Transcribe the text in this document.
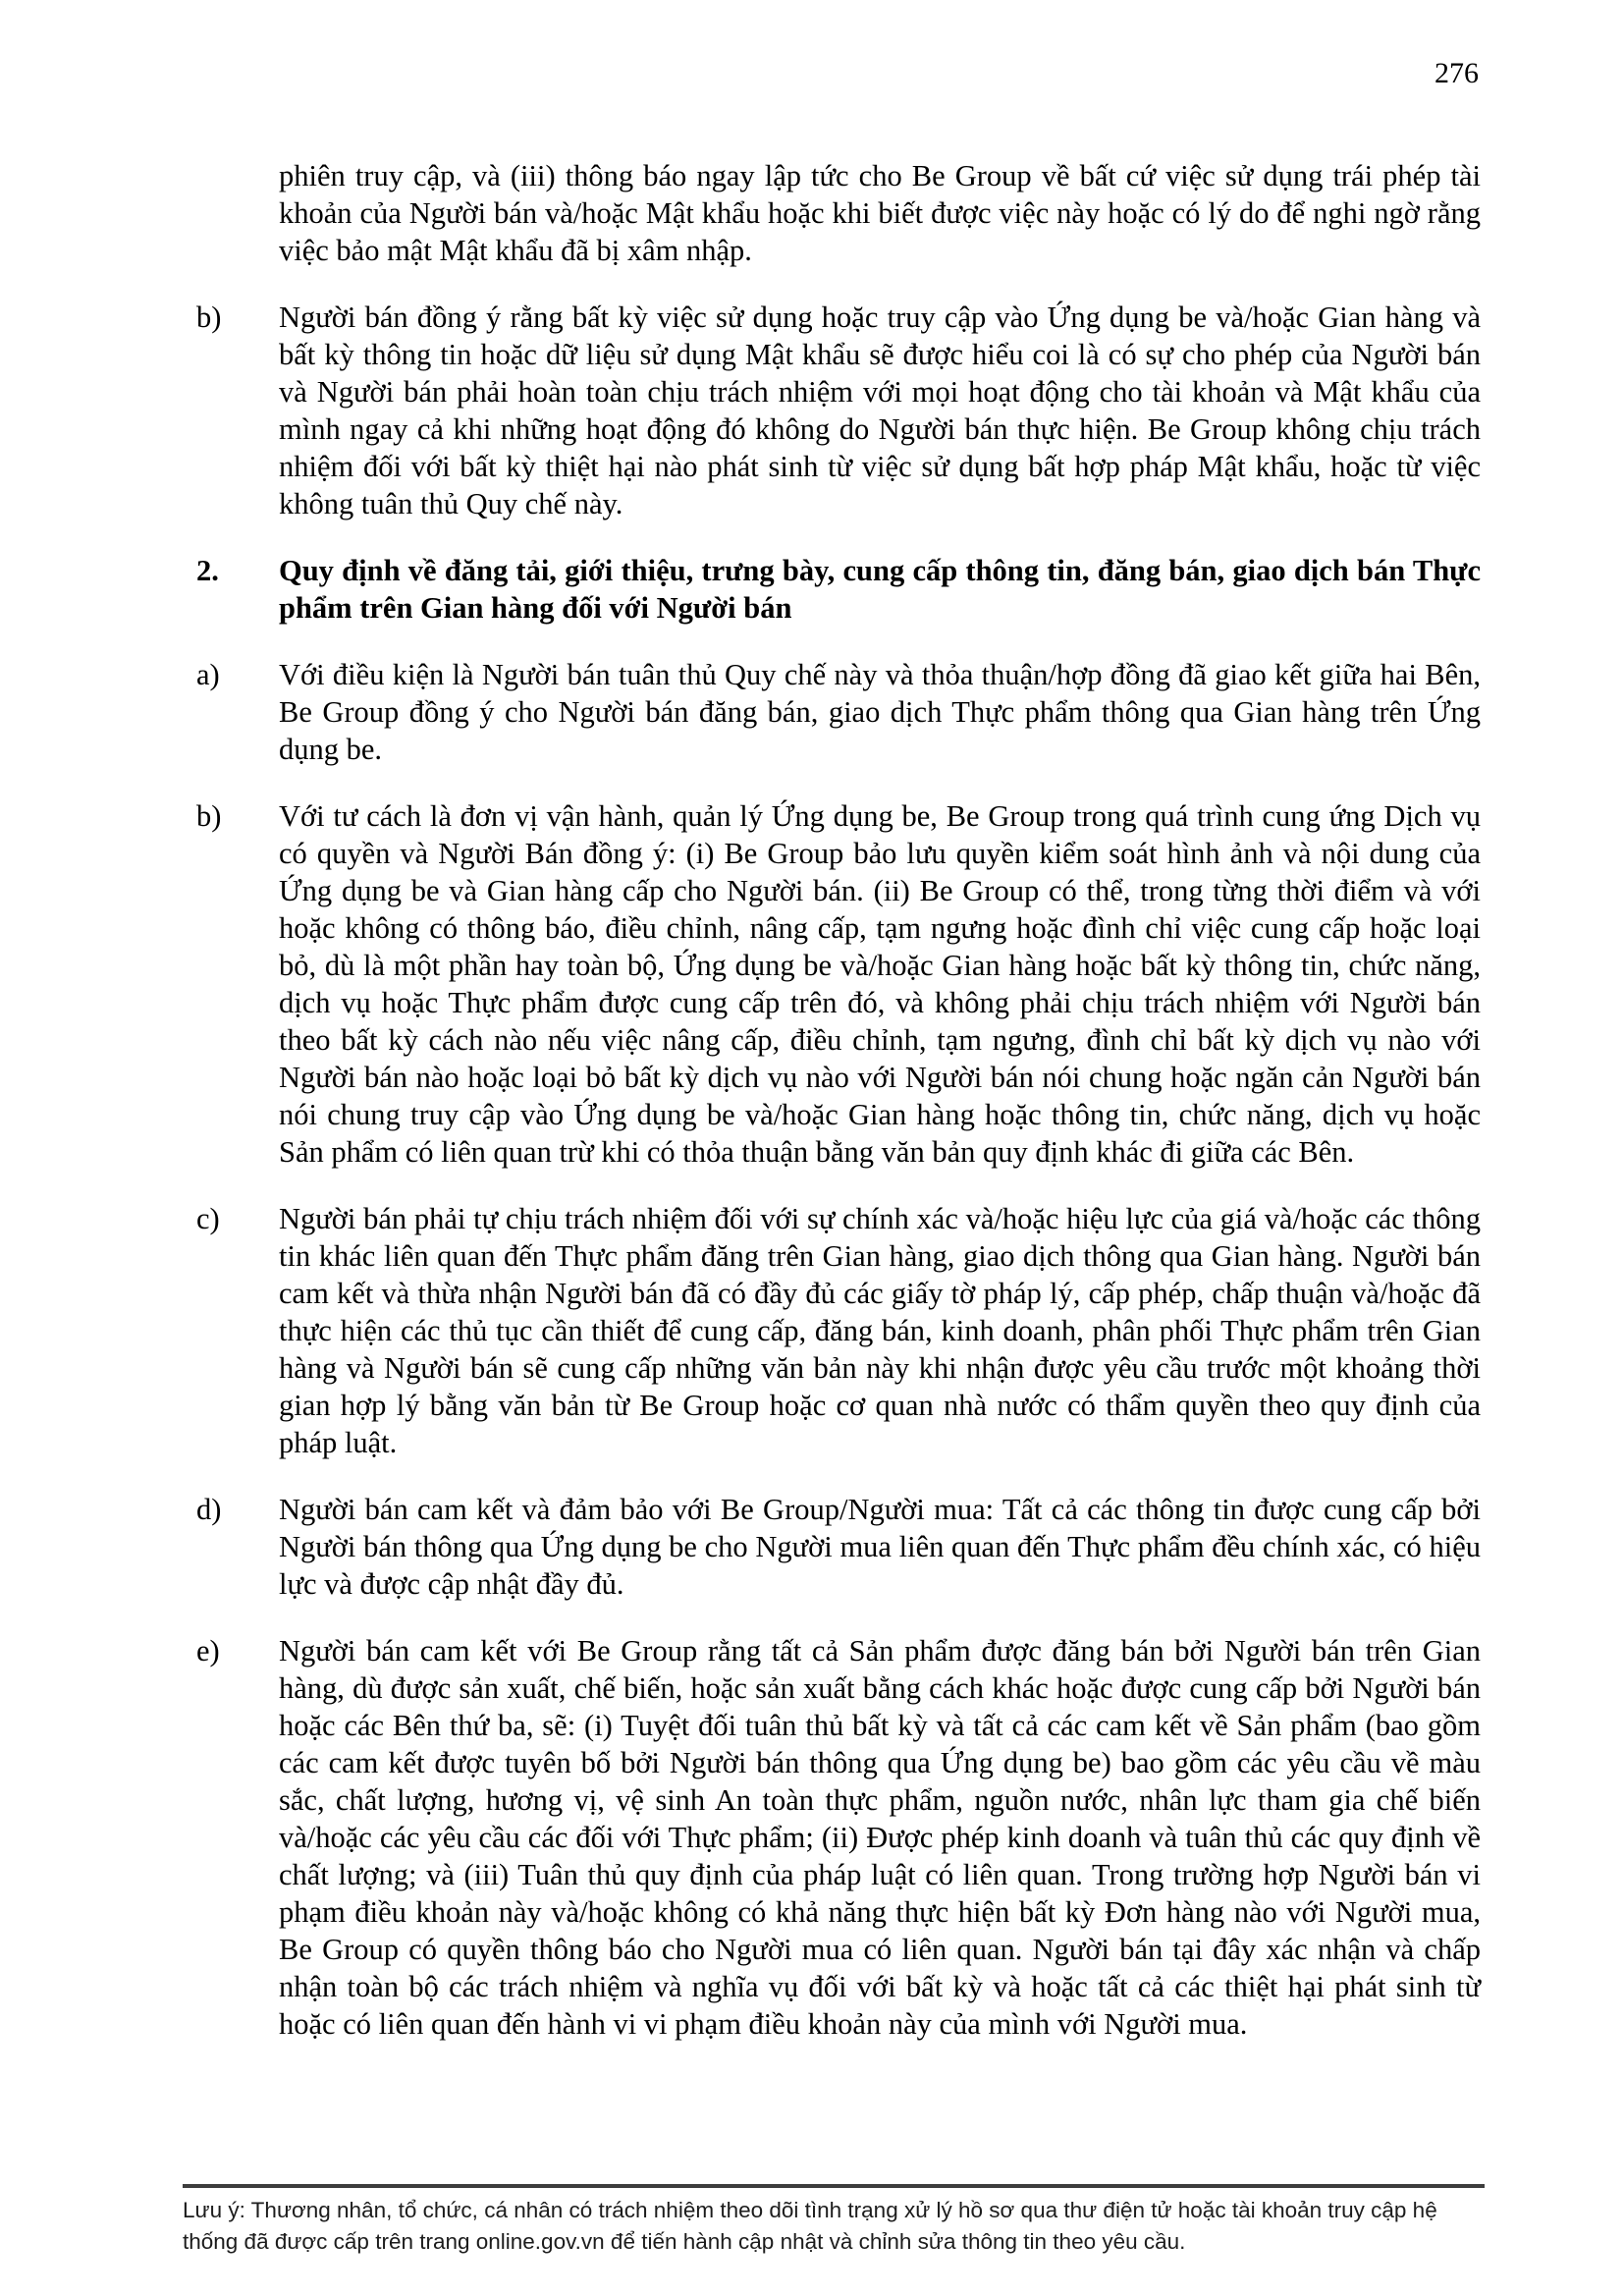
276
phiên truy cập, và (iii) thông báo ngay lập tức cho Be Group về bất cứ việc sử dụng trái phép tài khoản của Người bán và/hoặc Mật khẩu hoặc khi biết được việc này hoặc có lý do để nghi ngờ rằng việc bảo mật Mật khẩu đã bị xâm nhập.
b)	Người bán đồng ý rằng bất kỳ việc sử dụng hoặc truy cập vào Ứng dụng be và/hoặc Gian hàng và bất kỳ thông tin hoặc dữ liệu sử dụng Mật khẩu sẽ được hiểu coi là có sự cho phép của Người bán và Người bán phải hoàn toàn chịu trách nhiệm với mọi hoạt động cho tài khoản và Mật khẩu của mình ngay cả khi những hoạt động đó không do Người bán thực hiện. Be Group không chịu trách nhiệm đối với bất kỳ thiệt hại nào phát sinh từ việc sử dụng bất hợp pháp Mật khẩu, hoặc từ việc không tuân thủ Quy chế này.
2.	Quy định về đăng tải, giới thiệu, trưng bày, cung cấp thông tin, đăng bán, giao dịch bán Thực phẩm trên Gian hàng đối với Người bán
a)	Với điều kiện là Người bán tuân thủ Quy chế này và thỏa thuận/hợp đồng đã giao kết giữa hai Bên, Be Group đồng ý cho Người bán đăng bán, giao dịch Thực phẩm thông qua Gian hàng trên Ứng dụng be.
b)	Với tư cách là đơn vị vận hành, quản lý Ứng dụng be, Be Group trong quá trình cung ứng Dịch vụ có quyền và Người Bán đồng ý: (i) Be Group bảo lưu quyền kiểm soát hình ảnh và nội dung của Ứng dụng be và Gian hàng cấp cho Người bán. (ii) Be Group có thể, trong từng thời điểm và với hoặc không có thông báo, điều chỉnh, nâng cấp, tạm ngưng hoặc đình chỉ việc cung cấp hoặc loại bỏ, dù là một phần hay toàn bộ, Ứng dụng be và/hoặc Gian hàng hoặc bất kỳ thông tin, chức năng, dịch vụ hoặc Thực phẩm được cung cấp trên đó, và không phải chịu trách nhiệm với Người bán theo bất kỳ cách nào nếu việc nâng cấp, điều chỉnh, tạm ngưng, đình chỉ bất kỳ dịch vụ nào với Người bán nào hoặc loại bỏ bất kỳ dịch vụ nào với Người bán nói chung hoặc ngăn cản Người bán nói chung truy cập vào Ứng dụng be và/hoặc Gian hàng hoặc thông tin, chức năng, dịch vụ hoặc Sản phẩm có liên quan trừ khi có thỏa thuận bằng văn bản quy định khác đi giữa các Bên.
c)	Người bán phải tự chịu trách nhiệm đối với sự chính xác và/hoặc hiệu lực của giá và/hoặc các thông tin khác liên quan đến Thực phẩm đăng trên Gian hàng, giao dịch thông qua Gian hàng. Người bán cam kết và thừa nhận Người bán đã có đầy đủ các giấy tờ pháp lý, cấp phép, chấp thuận và/hoặc đã thực hiện các thủ tục cần thiết để cung cấp, đăng bán, kinh doanh, phân phối Thực phẩm trên Gian hàng và Người bán sẽ cung cấp những văn bản này khi nhận được yêu cầu trước một khoảng thời gian hợp lý bằng văn bản từ Be Group hoặc cơ quan nhà nước có thẩm quyền theo quy định của pháp luật.
d)	Người bán cam kết và đảm bảo với Be Group/Người mua: Tất cả các thông tin được cung cấp bởi Người bán thông qua Ứng dụng be cho Người mua liên quan đến Thực phẩm đều chính xác, có hiệu lực và được cập nhật đầy đủ.
e)	Người bán cam kết với Be Group rằng tất cả Sản phẩm được đăng bán bởi Người bán trên Gian hàng, dù được sản xuất, chế biến, hoặc sản xuất bằng cách khác hoặc được cung cấp bởi Người bán hoặc các Bên thứ ba, sẽ: (i) Tuyệt đối tuân thủ bất kỳ và tất cả các cam kết về Sản phẩm (bao gồm các cam kết được tuyên bố bởi Người bán thông qua Ứng dụng be) bao gồm các yêu cầu về màu sắc, chất lượng, hương vị, vệ sinh An toàn thực phẩm, nguồn nước, nhân lực tham gia chế biến và/hoặc các yêu cầu các đối với Thực phẩm; (ii) Được phép kinh doanh và tuân thủ các quy định về chất lượng; và (iii) Tuân thủ quy định của pháp luật có liên quan. Trong trường hợp Người bán vi phạm điều khoản này và/hoặc không có khả năng thực hiện bất kỳ Đơn hàng nào với Người mua, Be Group có quyền thông báo cho Người mua có liên quan. Người bán tại đây xác nhận và chấp nhận toàn bộ các trách nhiệm và nghĩa vụ đối với bất kỳ và hoặc tất cả các thiệt hại phát sinh từ hoặc có liên quan đến hành vi vi phạm điều khoản này của mình với Người mua.
Lưu ý: Thương nhân, tổ chức, cá nhân có trách nhiệm theo dõi tình trạng xử lý hồ sơ qua thư điện tử hoặc tài khoản truy cập hệ thống đã được cấp trên trang online.gov.vn để tiến hành cập nhật và chỉnh sửa thông tin theo yêu cầu.
